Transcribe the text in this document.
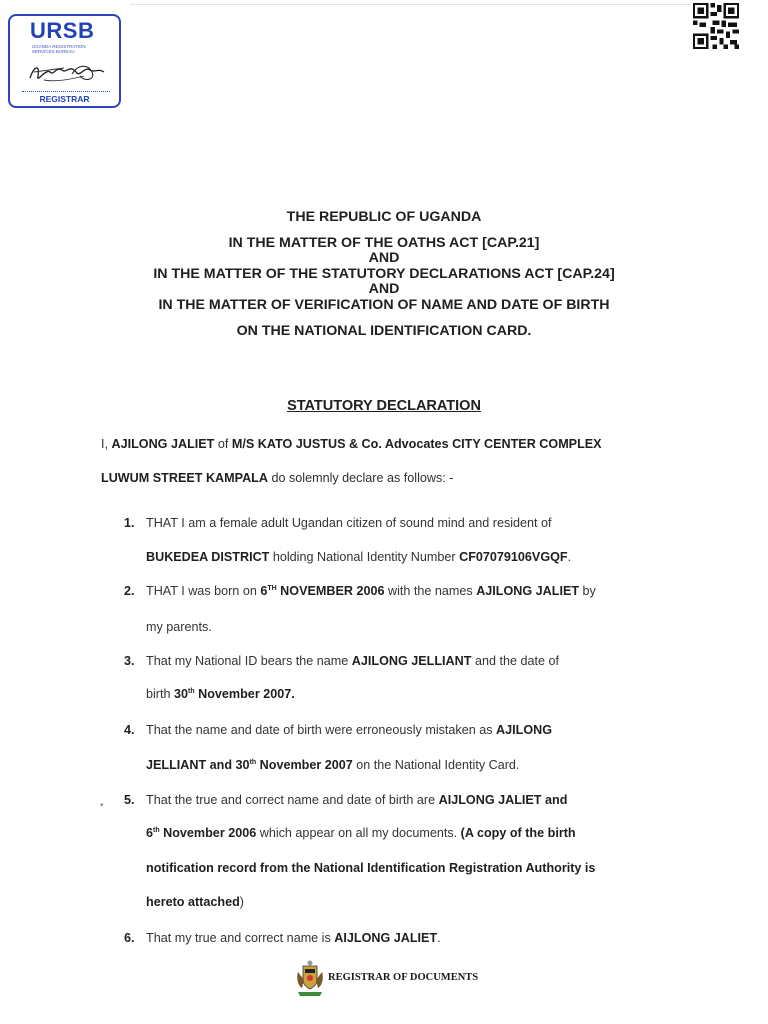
URSB
UGANDA REGISTRATION SERVICES BUREAU
REGISTRAR
THE REPUBLIC OF UGANDA
IN THE MATTER OF THE OATHS ACT [CAP.21]
AND
IN THE MATTER OF THE STATUTORY DECLARATIONS ACT [CAP.24]
AND
IN THE MATTER OF VERIFICATION OF NAME AND DATE OF BIRTH
ON THE NATIONAL IDENTIFICATION CARD.
STATUTORY DECLARATION
I, AJILONG JALIET of M/S KATO JUSTUS & Co. Advocates CITY CENTER COMPLEX
LUWUM STREET KAMPALA do solemnly declare as follows: -
1. THAT I am a female adult Ugandan citizen of sound mind and resident of
BUKEDEA DISTRICT holding National Identity Number CF07079106VGQF.
2. THAT I was born on 6TH NOVEMBER 2006 with the names AJILONG JALIET by
my parents.
3. That my National ID bears the name AJILONG JELLIANT and the date of
birth 30th November 2007.
4. That the name and date of birth were erroneously mistaken as AJILONG
JELLIANT and 30th November 2007 on the National Identity Card.
• 5. That the true and correct name and date of birth are AIJLONG JALIET and
6th November 2006 which appear on all my documents. (A copy of the birth
notification record from the National Identification Registration Authority is
hereto attached)
6. That my true and correct name is AIJLONG JALIET.
REGISTRAR OF DOCUMENTS
